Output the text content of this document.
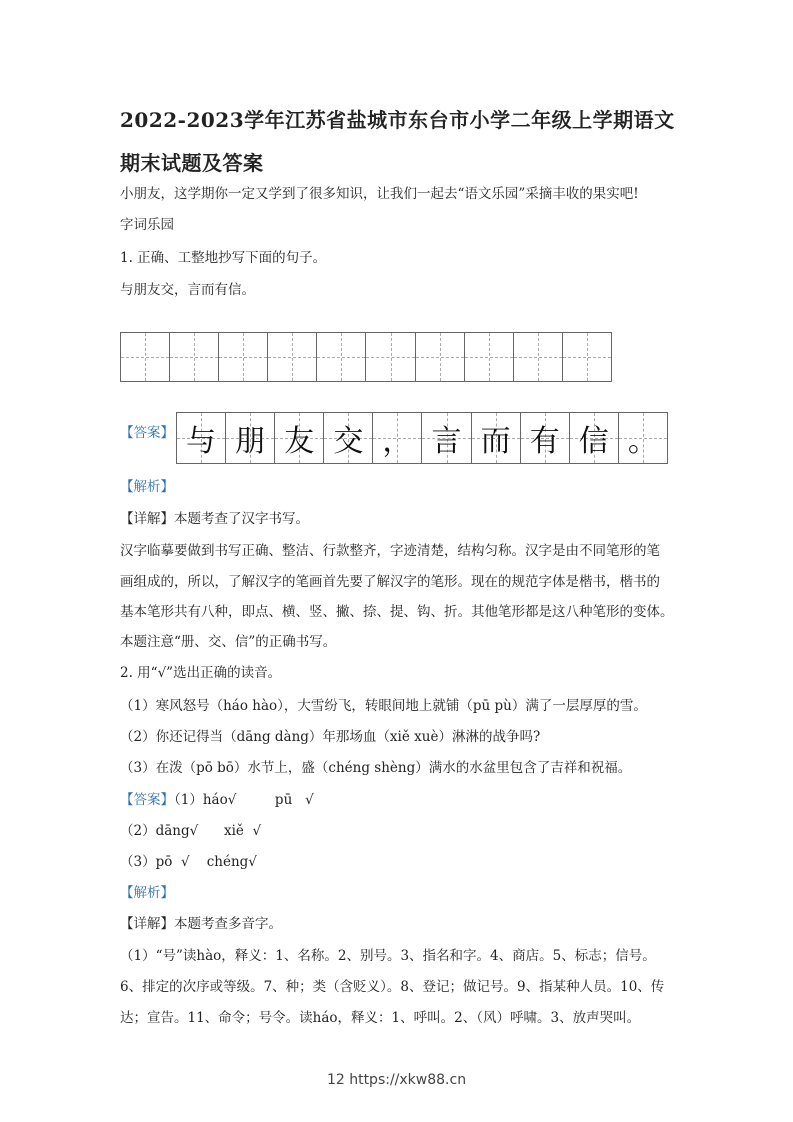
2022-2023学年江苏省盐城市东台市小学二年级上学期语文
期末试题及答案
小朋友，这学期你一定又学到了很多知识，让我们一起去“语文乐园”采摘丰收的果实吧!
字词乐园
1. 正确、工整地抄写下面的句子。
与朋友交，言而有信。
【答案】 与 朋 友 交 ， 言 而 有 信 。
【解析】
【详解】本题考查了汉字书写。
汉字临摹要做到书写正确、整洁、行款整齐，字迹清楚，结构匀称。汉字是由不同笔形的笔
画组成的，所以，了解汉字的笔画首先要了解汉字的笔形。现在的规范字体是楷书，楷书的
基本笔形共有八种，即点、横、竖、撇、捺、提、钩、折。其他笔形都是这八种笔形的变体。
本题注意“册、交、信”的正确书写。
2. 用“√”选出正确的读音。
（1）寒风怒号（háo hào），大雪纷飞，转眼间地上就铺（pū pù）满了一层厚厚的雪。
（2）你还记得当（dāng dàng）年那场血（xiě xuè）淋淋的战争吗?
（3）在泼（pō bō）水节上，盛（chéng shèng）满水的水盆里包含了吉祥和祝福。
【答案】（1）háo√         pū   √
（2）dāng√      xiě  √
（3）pō  √    chéng√
【解析】
【详解】本题考查多音字。
（1）“号”读hào，释义：1、名称。2、别号。3、指名和字。4、商店。5、标志；信号。
6、排定的次序或等级。7、种；类（含贬义）。8、登记；做记号。9、指某种人员。10、传
达；宣告。11、命令；号令。读háo，释义：1、呼叫。2、（风）呼啸。3、放声哭叫。
12 https://xkw88.cn
